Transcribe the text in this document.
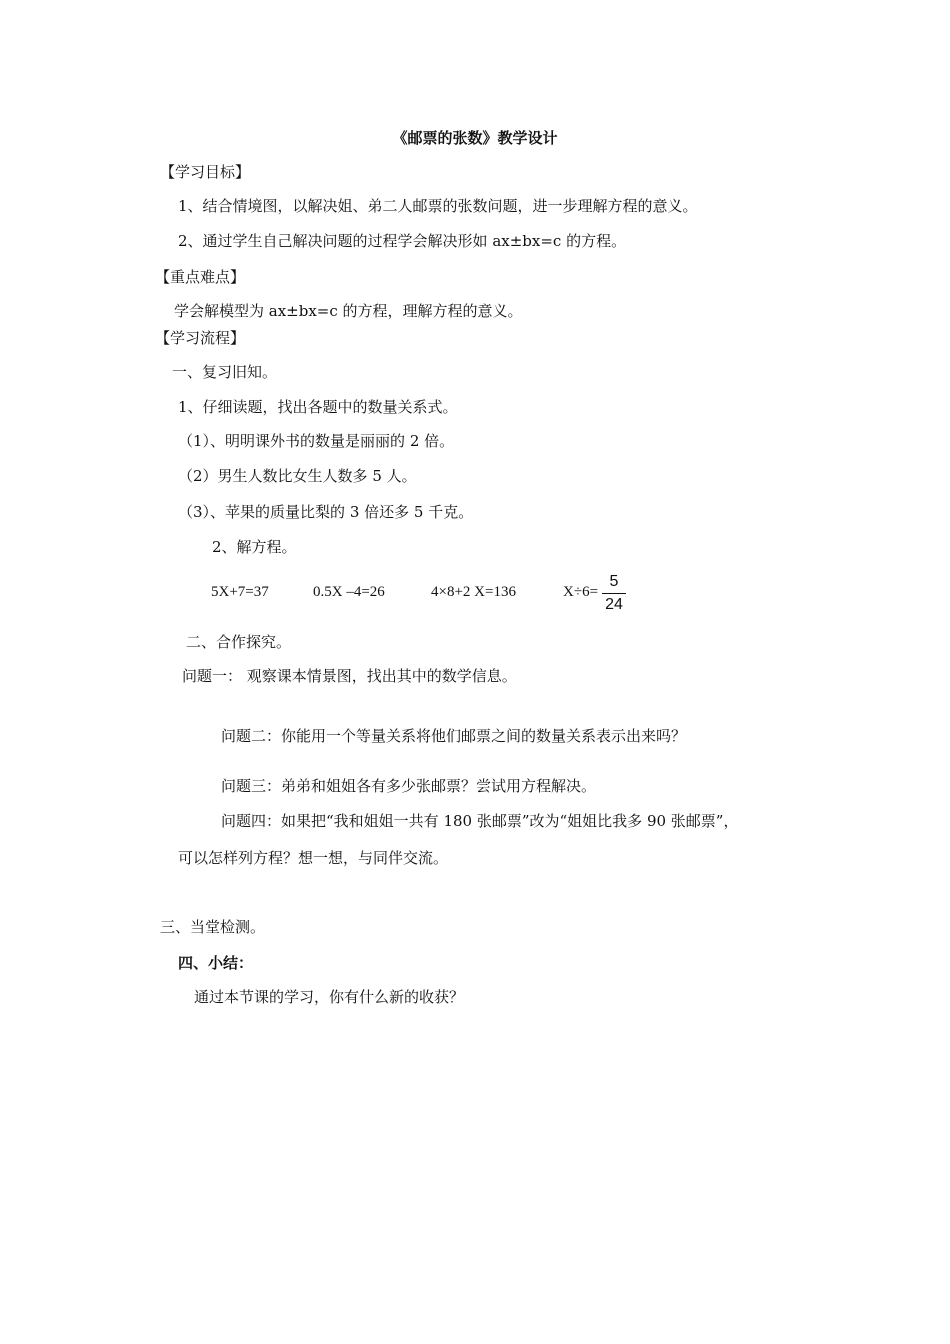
《邮票的张数》教学设计
【学习目标】
1、结合情境图，以解决姐、弟二人邮票的张数问题，进一步理解方程的意义。
2、通过学生自己解决问题的过程学会解决形如 ax±bx=c 的方程。
【重点难点】
学会解模型为 ax±bx=c 的方程，理解方程的意义。
【学习流程】
一、复习旧知。
1、仔细读题，找出各题中的数量关系式。
（1）、明明课外书的数量是丽丽的 2 倍。
（2）男生人数比女生人数多 5 人。
（3）、苹果的质量比梨的 3 倍还多 5 千克。
2、解方程。
5X+7=37	0.5X –4=26	4×8+2 X=136	X÷6=
5
24
二、合作探究。
问题一： 观察课本情景图，找出其中的数学信息。
问题二：你能用一个等量关系将他们邮票之间的数量关系表示出来吗？
问题三：弟弟和姐姐各有多少张邮票？尝试用方程解决。
问题四：如果把“我和姐姐一共有 180 张邮票”改为“姐姐比我多 90 张邮票”，
可以怎样列方程？想一想，与同伴交流。
三、当堂检测。
四、小结：
通过本节课的学习，你有什么新的收获？
